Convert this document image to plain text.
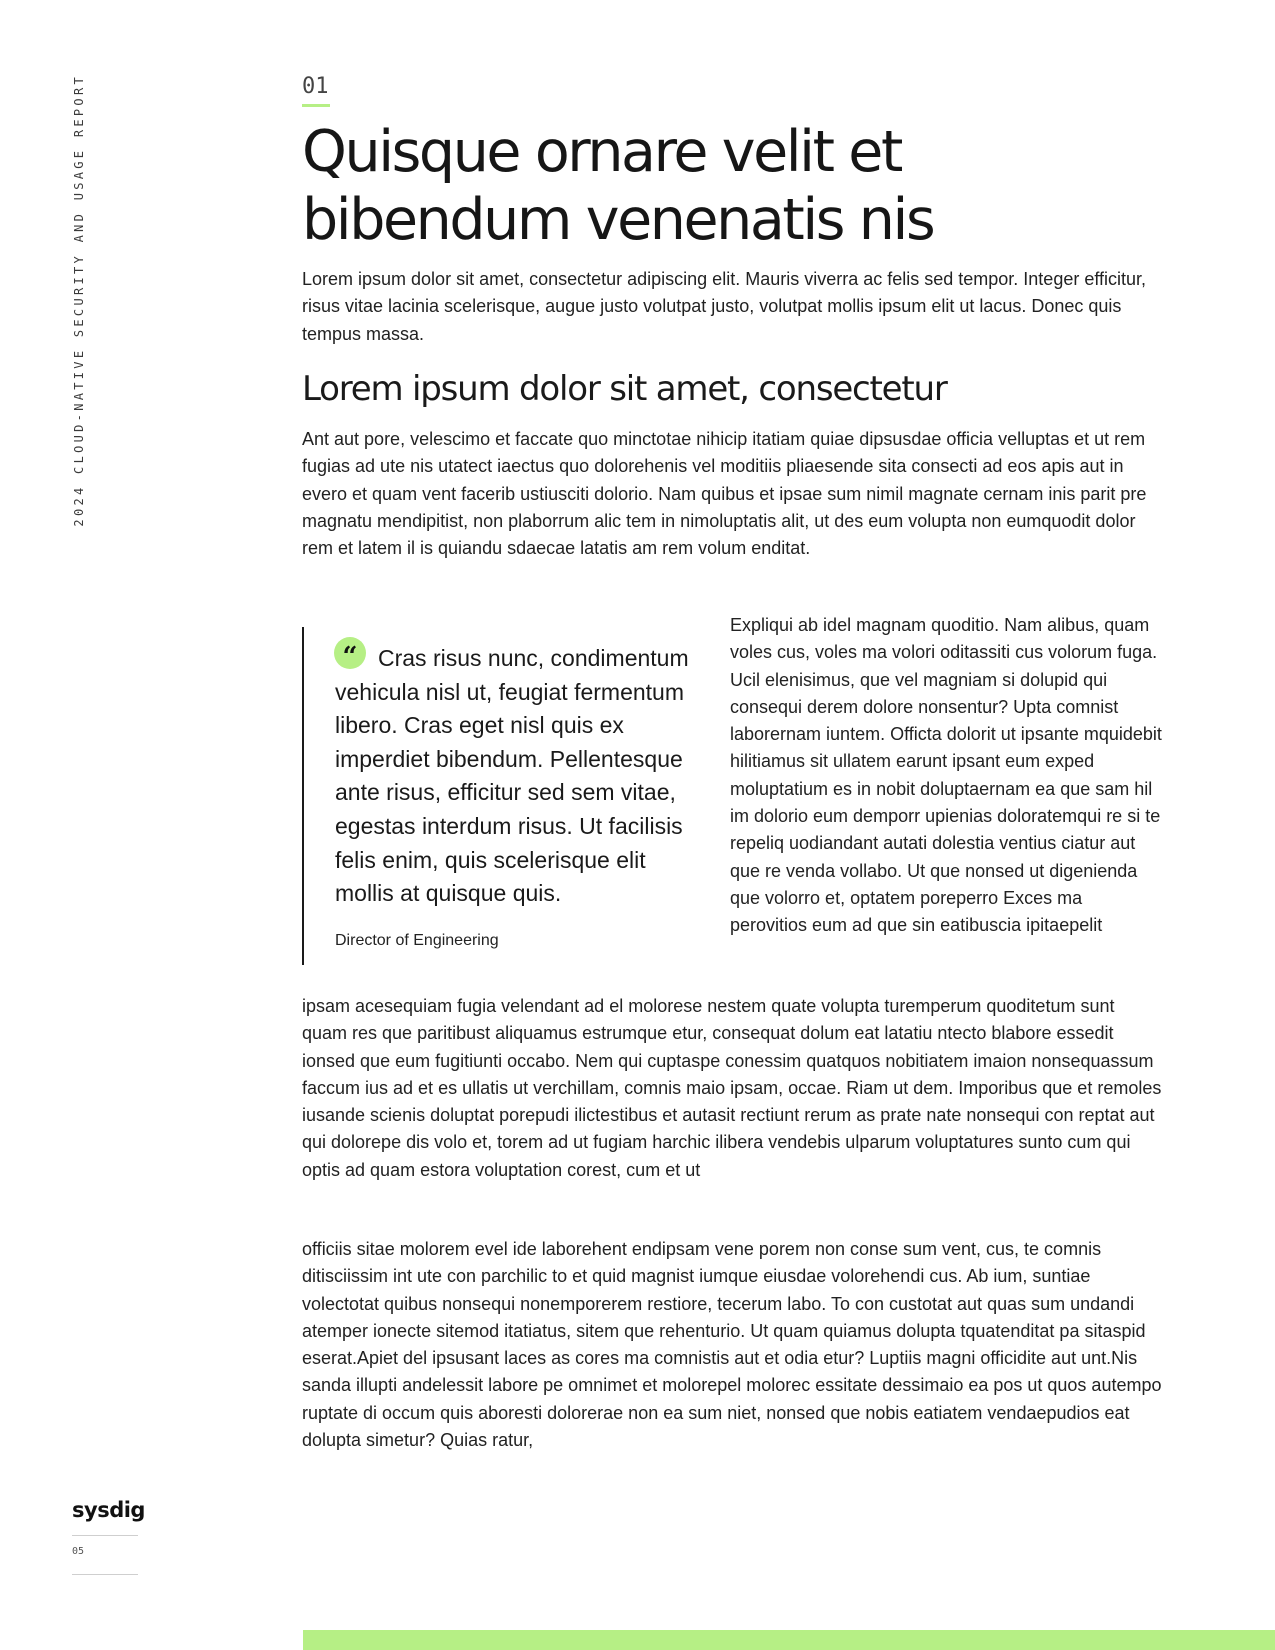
2024 CLOUD-NATIVE SECURITY AND USAGE REPORT	01
Quisque ornare velit et bibendum venenatis nis

Lorem ipsum dolor sit amet, consectetur adipiscing elit. Mauris viverra ac felis sed tempor. Integer efficitur, risus vitae lacinia scelerisque, augue justo volutpat justo, volutpat mollis ipsum elit ut lacus. Donec quis tempus massa.

Lorem ipsum dolor sit amet, consectetur

Ant aut pore, velescimo et faccate quo minctotae nihicip itatiam quiae dipsusdae officia velluptas et ut rem fugias ad ute nis utatect iaectus quo dolorehenis vel moditiis pliaesende sita consecti ad eos apis aut in evero et quam vent facerib ustiusciti dolorio. Nam quibus et ipsae sum nimil magnate cernam inis parit pre magnatu mendipitist, non plaborrum alic tem in nimoluptatis alit, ut des eum volupta non eumquodit dolor rem et latem il is quiandu sdaecae latatis am rem volum enditat.

“ Cras risus nunc, condimentum vehicula nisl ut, feugiat fermentum libero. Cras eget nisl quis ex imperdiet bibendum. Pellentesque ante risus, efficitur sed sem vitae, egestas interdum risus. Ut facilisis felis enim, quis scelerisque elit mollis at quisque quis.

Director of Engineering

Expliqui ab idel magnam quoditio. Nam alibus, quam voles cus, voles ma volori oditassiti cus volorum fuga. Ucil elenisimus, que vel magniam si dolupid qui consequi derem dolore nonsentur? Upta comnist laborernam iuntem. Officta dolorit ut ipsante mquidebit hilitiamus sit ullatem earunt ipsant eum exped moluptatium es in nobit doluptaernam ea que sam hil im dolorio eum demporr upienias doloratemqui re si te repeliq uodiandant autati dolestia ventius ciatur aut que re venda vollabo. Ut que nonsed ut digenienda que volorro et, optatem poreperro Exces ma perovitios eum ad que sin eatibuscia ipitaepelit

ipsam acesequiam fugia velendant ad el molorese nestem quate volupta turemperum quoditetum sunt quam res que paritibust aliquamus estrumque etur, consequat dolum eat latatiu ntecto blabore essedit ionsed que eum fugitiunti occabo. Nem qui cuptaspe conessim quatquos nobitiatem imaion nonsequassum faccum ius ad et es ullatis ut verchillam, comnis maio ipsam, occae. Riam ut dem. Imporibus que et remoles iusande scienis doluptat porepudi ilictestibus et autasit rectiunt rerum as prate nate nonsequi con reptat aut qui dolorepe dis volo et, torem ad ut fugiam harchic ilibera vendebis ulparum voluptatures sunto cum qui optis ad quam estora voluptation corest, cum et ut

officiis sitae molorem evel ide laborehent endipsam vene porem non conse sum vent, cus, te comnis ditisciissim int ute con parchilic to et quid magnist iumque eiusdae volorehendi cus. Ab ium, suntiae volectotat quibus nonsequi nonemporerem restiore, tecerum labo. To con custotat aut quas sum undandi atemper ionecte sitemod itatiatus, sitem que rehenturio. Ut quam quiamus dolupta tquatenditat pa sitaspid eserat.Apiet del ipsusant laces as cores ma comnistis aut et odia etur? Luptiis magni officidite aut unt.Nis sanda illupti andelessit labore pe omnimet et molorepel molorec essitate dessimaio ea pos ut quos autempo ruptate di occum quis aboresti dolorerae non ea sum niet, nonsed que nobis eatiatem vendaepudios eat dolupta simetur? Quias ratur,

sysdig
05
